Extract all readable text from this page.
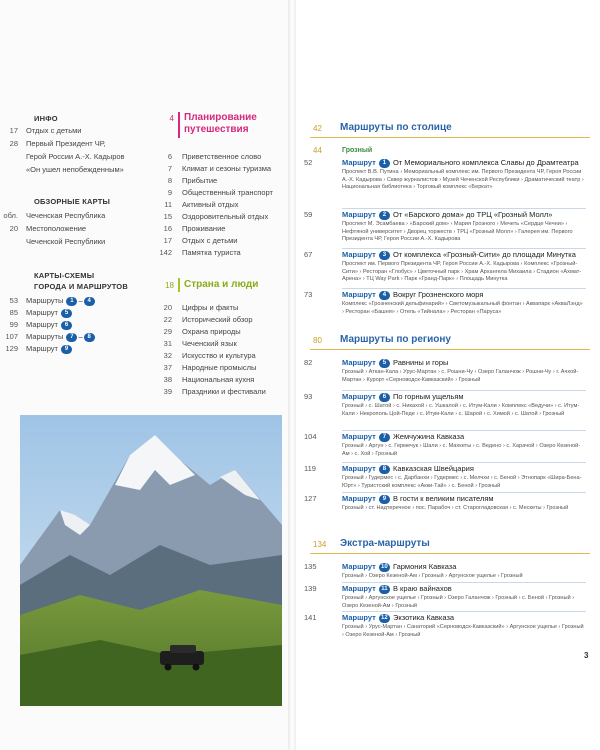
ИНФО
17 Отдых с детьми
28 Первый Президент ЧР,
Герой России А.-Х. Кадыров
«Он ушел непобежденным»
ОБЗОРНЫЕ КАРТЫ
обл. Чеченская Республика
20 Местоположение
Чеченской Республики
КАРТЫ-СХЕМЫ
ГОРОДА И МАРШРУТОВ
53 Маршруты 1 – 4
85 Маршрут 5
99 Маршрут 6
107 Маршруты 7 – 8
129 Маршрут 9
4 Планирование
путешествия
6 Приветственное слово
7 Климат и сезоны туризма
8 Прибытие
9 Общественный транспорт
11 Активный отдых
15 Оздоровительный отдых
16 Проживание
17 Отдых с детьми
142 Памятка туриста
18 Страна и люди
20 Цифры и факты
22 Исторический обзор
29 Охрана природы
31 Чеченский язык
32 Искусство и культура
37 Народные промыслы
38 Национальная кухня
39 Праздники и фестивали
42 Маршруты по столице
44	Грозный
52	Маршрут 1 От Мемориального комплекса Славы до Драмтеатра
Проспект В.В. Путина › Мемориальный комплекс им. Первого Президента ЧР, Героя России А.-Х. Кадырова › Сквер журналистов › Музей Чеченской Республики › Драматический театр › Национальная библиотека › Торговый комплекс «Беркат»
59	Маршрут 2 От «Барского дома» до ТРЦ «Грозный Молл»
Проспект М. Эсамбаева › «Барский дом» › Мария Грозного › Мечеть «Сердце Чечни» › Нефтяной университет › Дворец торжеств › ТРЦ «Грозный Молл» › Галерея им. Первого Президента ЧР, Героя России А.-Х. Кадырова
67	Маршрут 3 От комплекса «Грозный-Сити» до площади Минутка
Проспект им. Первого Президента ЧР, Героя России А.-Х. Кадырова › Комплекс «Грозный-Сити» › Ресторан «Глобус» › Цветочный парк › Храм Архангела Михаила › Стадион «Ахмат-Арена» › ТЦ Way Park › Парк «Гранд-Парк» › Площадь Минутка
73	Маршрут 4 Вокруг Грозненского моря
Комплекс «Грозненский дельфинарий» › Светомузыкальный фонтан › Аквапарк «АкваЛэнд» › Ресторан «Башня» › Отель «Тийнала» › Ресторан «Паруса»
80 Маршруты по региону
82	Маршрут 5 Равнины и горы
Грозный › Аткан-Кала › Урус-Мартан › с. Рошни-Чу › Озеро Галанчож › Рошни-Чу › г. Ачхой-Мартан › Курорт «Серноводск-Кавказский» › Грозный
93	Маршрут 6 По горным ущельям
Грозный › с. Шатой › с. Никахой › с. Ушкалой › с. Итум-Кали › Комплекс «Ведучи» › с. Итум-Кали › Некрополь Цой-Педе › с. Итум-Кали › с. Шарой › с. Химой › с. Шатой › Грозный
104	Маршрут 7 Жемчужина Кавказа
Грозный › Аргун › с. Гермечук › Шали › с. Махкеты › с. Ведено › с. Харачой › Озеро Кезеной-Ам › с. Хой › Грозный
119	Маршрут 8 Кавказская Швейцария
Грозный › Гудермес › с. Дарбанхи › Гудермес › с. Мелчхи › с. Беной › Этнопарк «Шира-Бена-Юрт» › Туристский комплекс «Акки-Тай» › с. Беной › Грозный
127	Маршрут 9 В гости к великим писателям
Грозный › ст. Надтеречное › пос. Парабоч › ст. Старогладовская › с. Мескеты › Грозный
134 Экстра-маршруты
135	Маршрут 10 Гармония Кавказа
Грозный › Озеро Кезеной-Ам › Грозный › Аргунское ущелье › Грозный
139	Маршрут 11 В краю вайнахов
Грозный › Аргунское ущелье › Грозный › Озеро Галанчож › Грозный › с. Беной › Грозный › Озеро Кезеной-Ам › Грозный
141	Маршрут 12 Экзотика Кавказа
Грозный › Урус-Мартан › Санаторий «Серноводск-Кавказский» › Аргунское ущелье › Грозный › Озеро Кезеной-Ам › Грозный
3
